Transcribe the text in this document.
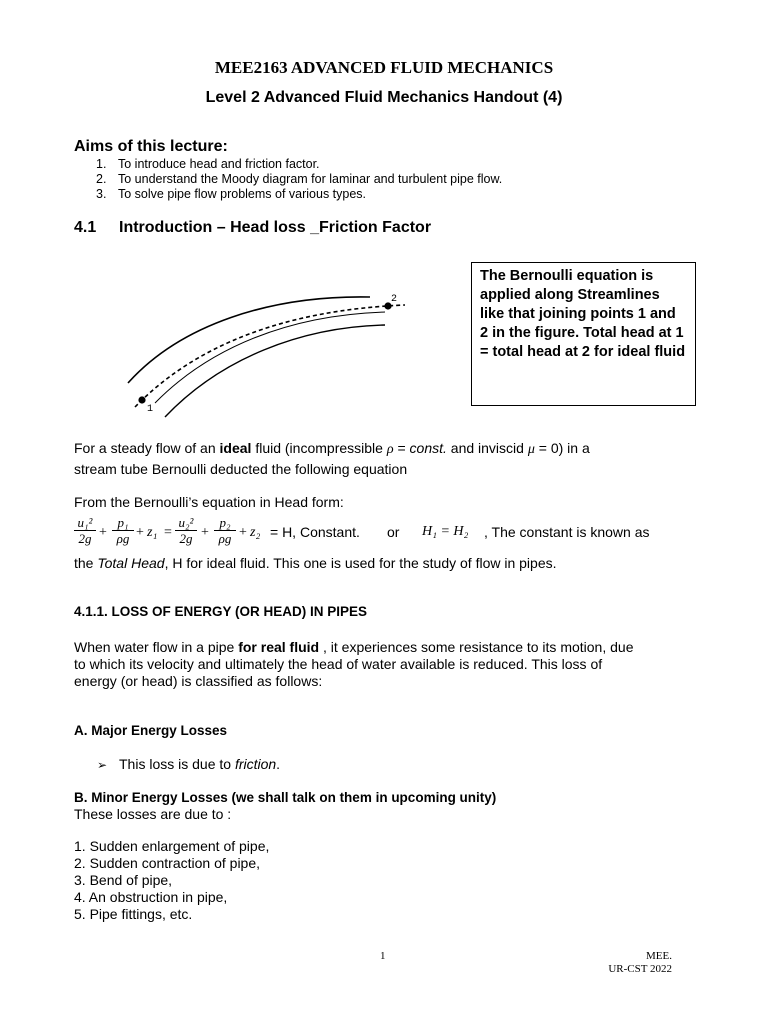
MEE2163 ADVANCED FLUID MECHANICS
Level 2 Advanced Fluid Mechanics Handout (4)
Aims of this lecture:
1. To introduce head and friction factor.
2. To understand the Moody diagram for laminar and turbulent pipe flow.
3. To solve pipe flow problems of various types.
4.1 Introduction – Head loss _Friction Factor
1
2
The Bernoulli equation is applied along Streamlines like that joining points 1 and 2 in the figure. Total head at 1 = total head at 2 for ideal fluid
For a steady flow of an ideal fluid (incompressible ρ = const. and inviscid μ = 0) in a
stream tube Bernoulli deducted the following equation
From the Bernoulli’s equation in Head form:
$\frac{\text{u₁²}}{2g} + \frac{\text{p₁}}{\rho g} + z_1 = \frac{\text{u₂²}}{2g} + \frac{\text{p₂}}{\rho g} + z_2 = H$, Constant. or H₁ = H₂ , The constant is known as
the Total Head, H for ideal fluid. This one is used for the study of flow in pipes.
4.1.1. LOSS OF ENERGY (OR HEAD) IN PIPES
When water flow in a pipe for real fluid , it experiences some resistance to its motion, due
to which its velocity and ultimately the head of water available is reduced. This loss of
energy (or head) is classified as follows:
A. Major Energy Losses
➢ This loss is due to friction.
B. Minor Energy Losses (we shall talk on them in upcoming unity)
These losses are due to :
1. Sudden enlargement of pipe,
2. Sudden contraction of pipe,
3. Bend of pipe,
4. An obstruction in pipe,
5. Pipe fittings, etc.
1	MEE.
UR-CST 2022
